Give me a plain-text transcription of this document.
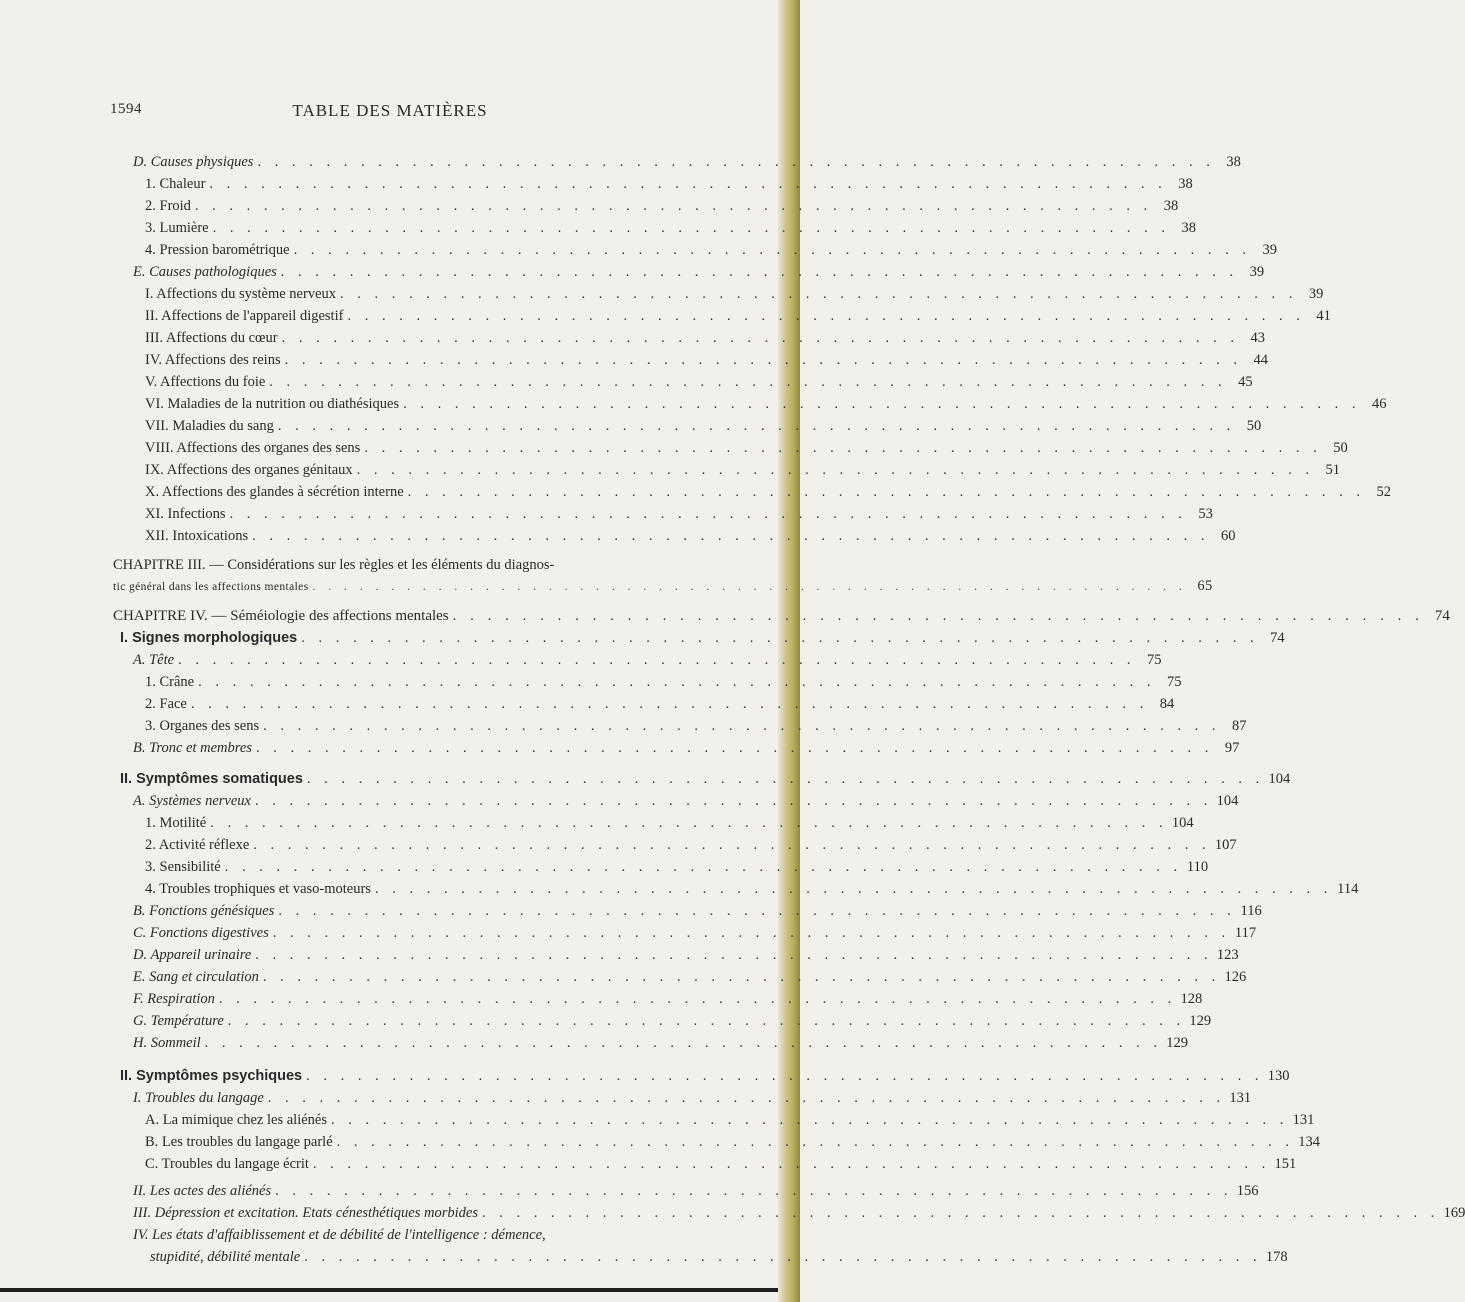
1594	TABLE DES MATIÈRES
D. Causes physiques . . . . . . . . . . . . . . . . . . . . . . . . . . . . . . . . . . . . . . . . . . . . . . . . . . . . . . . . 38
1. Chaleur . . . . . . . . . . . . . . . . . . . . . . . . . . . . . . . . . . . . . . . . . . . . . . . . . . . . . . . . 38
2. Froid . . . . . . . . . . . . . . . . . . . . . . . . . . . . . . . . . . . . . . . . . . . . . . . . . . . . . . . . 38
3. Lumière . . . . . . . . . . . . . . . . . . . . . . . . . . . . . . . . . . . . . . . . . . . . . . . . . . . . . . . . 38
4. Pression barométrique . . . . . . . . . . . . . . . . . . . . . . . . . . . . . . . . . . . . . . . . . . . . . . . . . . . . . . . . 39
E. Causes pathologiques . . . . . . . . . . . . . . . . . . . . . . . . . . . . . . . . . . . . . . . . . . . . . . . . . . . . . . . . 39
I. Affections du système nerveux . . . . . . . . . . . . . . . . . . . . . . . . . . . . . . . . . . . . . . . . . . . . . . . . . . . . . . . . 39
II. Affections de l'appareil digestif . . . . . . . . . . . . . . . . . . . . . . . . . . . . . . . . . . . . . . . . . . . . . . . . . . . . . . . . 41
III. Affections du cœur . . . . . . . . . . . . . . . . . . . . . . . . . . . . . . . . . . . . . . . . . . . . . . . . . . . . . . . . 43
IV. Affections des reins . . . . . . . . . . . . . . . . . . . . . . . . . . . . . . . . . . . . . . . . . . . . . . . . . . . . . . . . 44
V. Affections du foie . . . . . . . . . . . . . . . . . . . . . . . . . . . . . . . . . . . . . . . . . . . . . . . . . . . . . . . . 45
VI. Maladies de la nutrition ou diathésiques . . . . . . . . . . . . . . . . . . . . . . . . . . . . . . . . . . . . . . . . . . . . . . . . . . . . . . . . 46
VII. Maladies du sang . . . . . . . . . . . . . . . . . . . . . . . . . . . . . . . . . . . . . . . . . . . . . . . . . . . . . . . . 50
VIII. Affections des organes des sens . . . . . . . . . . . . . . . . . . . . . . . . . . . . . . . . . . . . . . . . . . . . . . . . . . . . . . . . 50
IX. Affections des organes génitaux . . . . . . . . . . . . . . . . . . . . . . . . . . . . . . . . . . . . . . . . . . . . . . . . . . . . . . . . 51
X. Affections des glandes à sécrétion interne . . . . . . . . . . . . . . . . . . . . . . . . . . . . . . . . . . . . . . . . . . . . . . . . . . . . . . . . 52
XI. Infections . . . . . . . . . . . . . . . . . . . . . . . . . . . . . . . . . . . . . . . . . . . . . . . . . . . . . . . . 53
XII. Intoxications . . . . . . . . . . . . . . . . . . . . . . . . . . . . . . . . . . . . . . . . . . . . . . . . . . . . . . . . 60
CHAPITRE III. — Considérations sur les règles et les éléments du diagnos-
tic général dans les affections mentales . . . . . . . . . . . . . . . . . . . . . . . . . . . . . . . . . . . . . . . . . . . . . . . . . . . . . . . . 65
CHAPITRE IV. — Séméiologie des affections mentales . . . . . . . . . . . . . . . . . . . . . . . . . . . . . . . . . . . . . . . . . . . . . . . . . . . . . . . . 74
I. Signes morphologiques . . . . . . . . . . . . . . . . . . . . . . . . . . . . . . . . . . . . . . . . . . . . . . . . . . . . . . . . 74
A. Tête . . . . . . . . . . . . . . . . . . . . . . . . . . . . . . . . . . . . . . . . . . . . . . . . . . . . . . . . 75
1. Crâne . . . . . . . . . . . . . . . . . . . . . . . . . . . . . . . . . . . . . . . . . . . . . . . . . . . . . . . . 75
2. Face . . . . . . . . . . . . . . . . . . . . . . . . . . . . . . . . . . . . . . . . . . . . . . . . . . . . . . . . 84
3. Organes des sens . . . . . . . . . . . . . . . . . . . . . . . . . . . . . . . . . . . . . . . . . . . . . . . . . . . . . . . . 87
B. Tronc et membres . . . . . . . . . . . . . . . . . . . . . . . . . . . . . . . . . . . . . . . . . . . . . . . . . . . . . . . . 97
II. Symptômes somatiques . . . . . . . . . . . . . . . . . . . . . . . . . . . . . . . . . . . . . . . . . . . . . . . . . . . . . . . . 104
A. Systèmes nerveux . . . . . . . . . . . . . . . . . . . . . . . . . . . . . . . . . . . . . . . . . . . . . . . . . . . . . . . . 104
1. Motilité . . . . . . . . . . . . . . . . . . . . . . . . . . . . . . . . . . . . . . . . . . . . . . . . . . . . . . . . 104
2. Activité réflexe . . . . . . . . . . . . . . . . . . . . . . . . . . . . . . . . . . . . . . . . . . . . . . . . . . . . . . . . 107
3. Sensibilité . . . . . . . . . . . . . . . . . . . . . . . . . . . . . . . . . . . . . . . . . . . . . . . . . . . . . . . . 110
4. Troubles trophiques et vaso-moteurs . . . . . . . . . . . . . . . . . . . . . . . . . . . . . . . . . . . . . . . . . . . . . . . . . . . . . . . . 114
B. Fonctions génésiques . . . . . . . . . . . . . . . . . . . . . . . . . . . . . . . . . . . . . . . . . . . . . . . . . . . . . . . . 116
C. Fonctions digestives . . . . . . . . . . . . . . . . . . . . . . . . . . . . . . . . . . . . . . . . . . . . . . . . . . . . . . . . 117
D. Appareil urinaire . . . . . . . . . . . . . . . . . . . . . . . . . . . . . . . . . . . . . . . . . . . . . . . . . . . . . . . . 123
E. Sang et circulation . . . . . . . . . . . . . . . . . . . . . . . . . . . . . . . . . . . . . . . . . . . . . . . . . . . . . . . . 126
F. Respiration . . . . . . . . . . . . . . . . . . . . . . . . . . . . . . . . . . . . . . . . . . . . . . . . . . . . . . . . 128
G. Température . . . . . . . . . . . . . . . . . . . . . . . . . . . . . . . . . . . . . . . . . . . . . . . . . . . . . . . . 129
H. Sommeil . . . . . . . . . . . . . . . . . . . . . . . . . . . . . . . . . . . . . . . . . . . . . . . . . . . . . . . . 129
II. Symptômes psychiques . . . . . . . . . . . . . . . . . . . . . . . . . . . . . . . . . . . . . . . . . . . . . . . . . . . . . . . . 130
I. Troubles du langage . . . . . . . . . . . . . . . . . . . . . . . . . . . . . . . . . . . . . . . . . . . . . . . . . . . . . . . . 131
A. La mimique chez les aliénés . . . . . . . . . . . . . . . . . . . . . . . . . . . . . . . . . . . . . . . . . . . . . . . . . . . . . . . . 131
B. Les troubles du langage parlé . . . . . . . . . . . . . . . . . . . . . . . . . . . . . . . . . . . . . . . . . . . . . . . . . . . . . . . . 134
C. Troubles du langage écrit . . . . . . . . . . . . . . . . . . . . . . . . . . . . . . . . . . . . . . . . . . . . . . . . . . . . . . . . 151
II. Les actes des aliénés . . . . . . . . . . . . . . . . . . . . . . . . . . . . . . . . . . . . . . . . . . . . . . . . . . . . . . . . 156
III. Dépression et excitation. Etats cénesthétiques morbides . . . . . . . . . . . . . . . . . . . . . . . . . . . . . . . . . . . . . . . . . . . . . . . . . . . . . . . . 169
IV. Les états d'affaiblissement et de débilité de l'intelligence : démence,
stupidité, débilité mentale . . . . . . . . . . . . . . . . . . . . . . . . . . . . . . . . . . . . . . . . . . . . . . . . . . . . . . . . 178
